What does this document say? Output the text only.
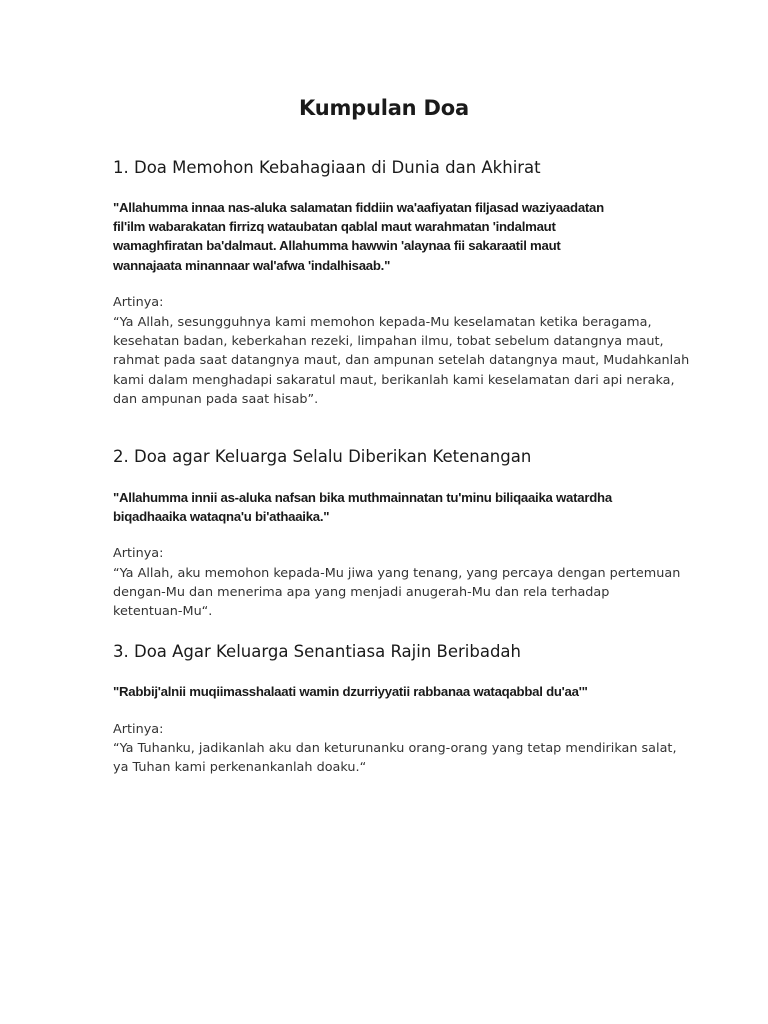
Kumpulan Doa
1. Doa Memohon Kebahagiaan di Dunia dan Akhirat
"Allahumma innaa nas-aluka salamatan fiddiin wa'aafiyatan filjasad waziyaadatan
fil'ilm wabarakatan firrizq wataubatan qablal maut warahmatan 'indalmaut
wamaghfiratan ba'dalmaut. Allahumma hawwin 'alaynaa fii sakaraatil maut
wannajaata minannaar wal'afwa 'indalhisaab."

Artinya:

“Ya Allah, sesungguhnya kami memohon kepada-Mu keselamatan ketika beragama,
kesehatan badan, keberkahan rezeki, limpahan ilmu, tobat sebelum datangnya maut,
rahmat pada saat datangnya maut, dan ampunan setelah datangnya maut, Mudahkanlah
kami dalam menghadapi sakaratul maut, berikanlah kami keselamatan dari api neraka,
dan ampunan pada saat hisab”.
2. Doa agar Keluarga Selalu Diberikan Ketenangan
"Allahumma innii as-aluka nafsan bika muthmainnatan tu'minu biliqaaika watardha
biqadhaaika wataqna'u bi'athaaika."

Artinya:

“Ya Allah, aku memohon kepada-Mu jiwa yang tenang, yang percaya dengan pertemuan
dengan-Mu dan menerima apa yang menjadi anugerah-Mu dan rela terhadap
ketentuan-Mu“.
3. Doa Agar Keluarga Senantiasa Rajin Beribadah
"Rabbij'alnii muqiimasshalaati wamin dzurriyyatii rabbanaa wataqabbal du'aa'"

Artinya:

“Ya Tuhanku, jadikanlah aku dan keturunanku orang-orang yang tetap mendirikan salat,
ya Tuhan kami perkenankanlah doaku.“
